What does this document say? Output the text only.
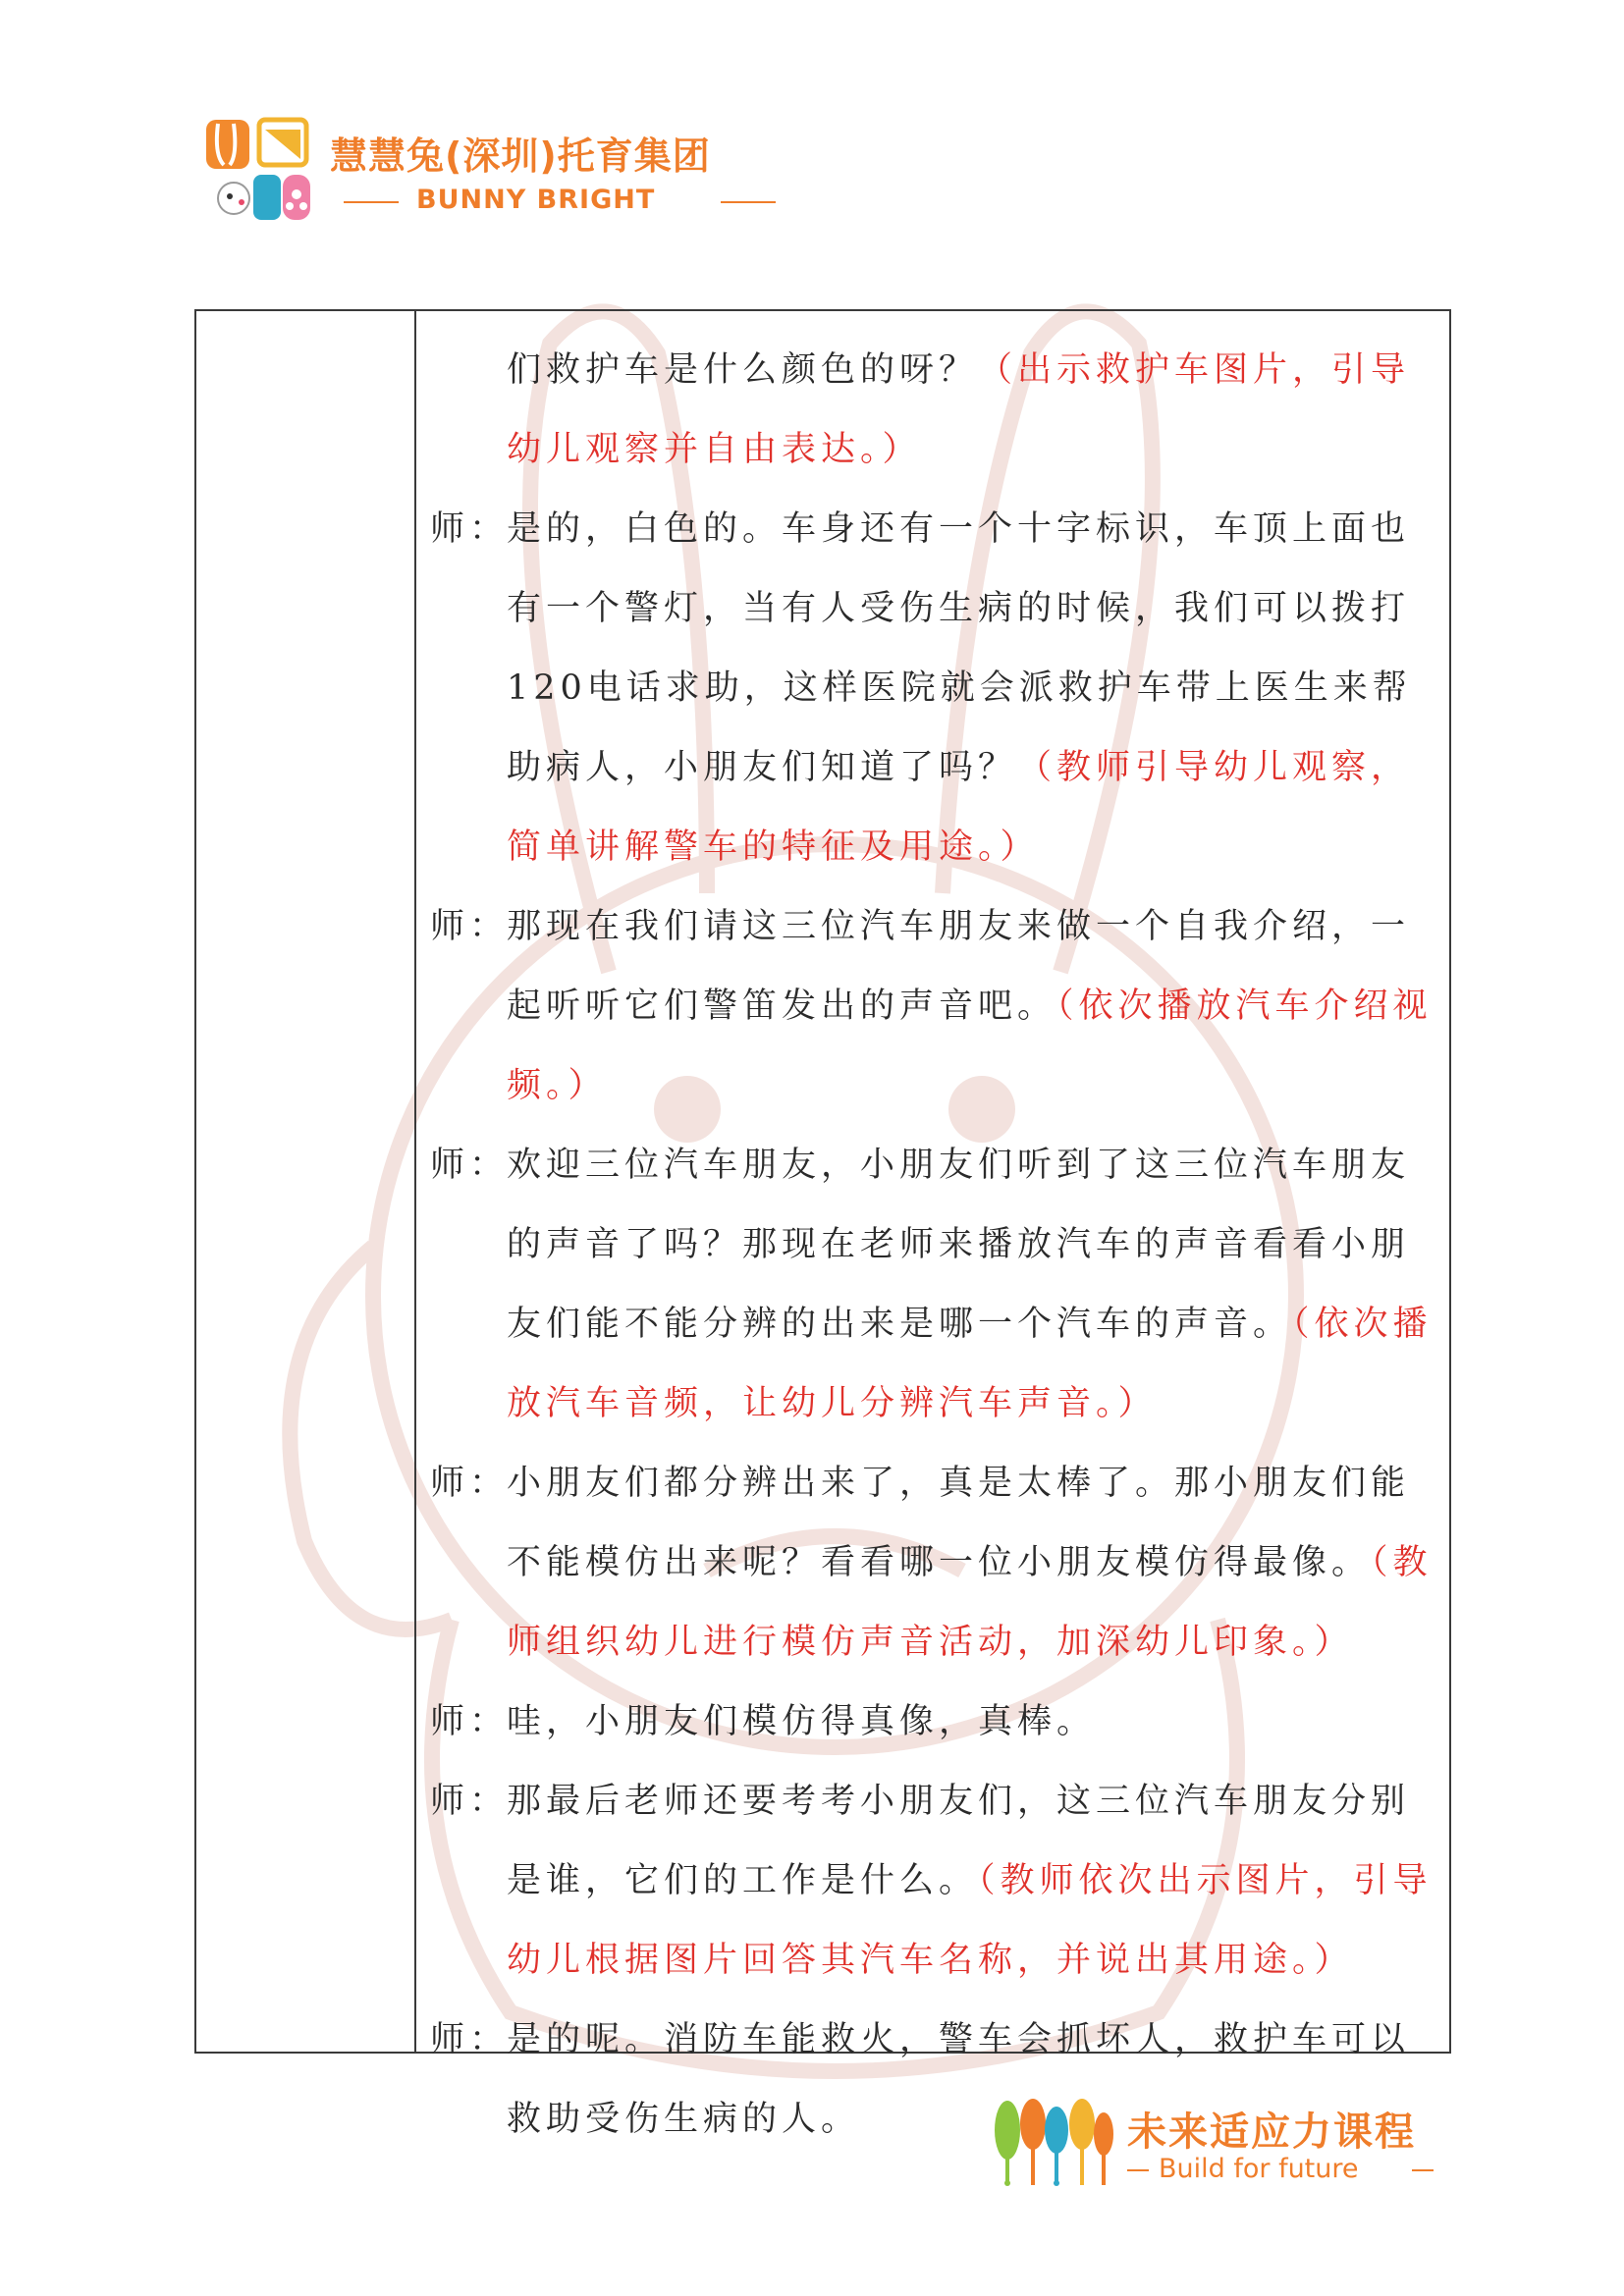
慧慧兔(深圳)托育集团
BUNNY BRIGHT
们救护车是什么颜色的呀？（出示救护车图片，引导幼儿观察并自由表达。）
师：
是的，白色的。车身还有一个十字标识，车顶上面也有一个警灯，当有人受伤生病的时候，我们可以拨打120电话求助，这样医院就会派救护车带上医生来帮助病人，小朋友们知道了吗？（教师引导幼儿观察，简单讲解警车的特征及用途。）
师：
那现在我们请这三位汽车朋友来做一个自我介绍，一起听听它们警笛发出的声音吧。（依次播放汽车介绍视频。）
师：
欢迎三位汽车朋友，小朋友们听到了这三位汽车朋友的声音了吗？那现在老师来播放汽车的声音看看小朋友们能不能分辨的出来是哪一个汽车的声音。（依次播放汽车音频，让幼儿分辨汽车声音。）
师：
小朋友们都分辨出来了，真是太棒了。那小朋友们能不能模仿出来呢？看看哪一位小朋友模仿得最像。（教师组织幼儿进行模仿声音活动，加深幼儿印象。）
师：
哇，小朋友们模仿得真像，真棒。
师：
那最后老师还要考考小朋友们，这三位汽车朋友分别是谁，它们的工作是什么。（教师依次出示图片，引导幼儿根据图片回答其汽车名称，并说出其用途。）
师：
是的呢。消防车能救火，警车会抓坏人，救护车可以救助受伤生病的人。	未来适应力课程
Build for future
